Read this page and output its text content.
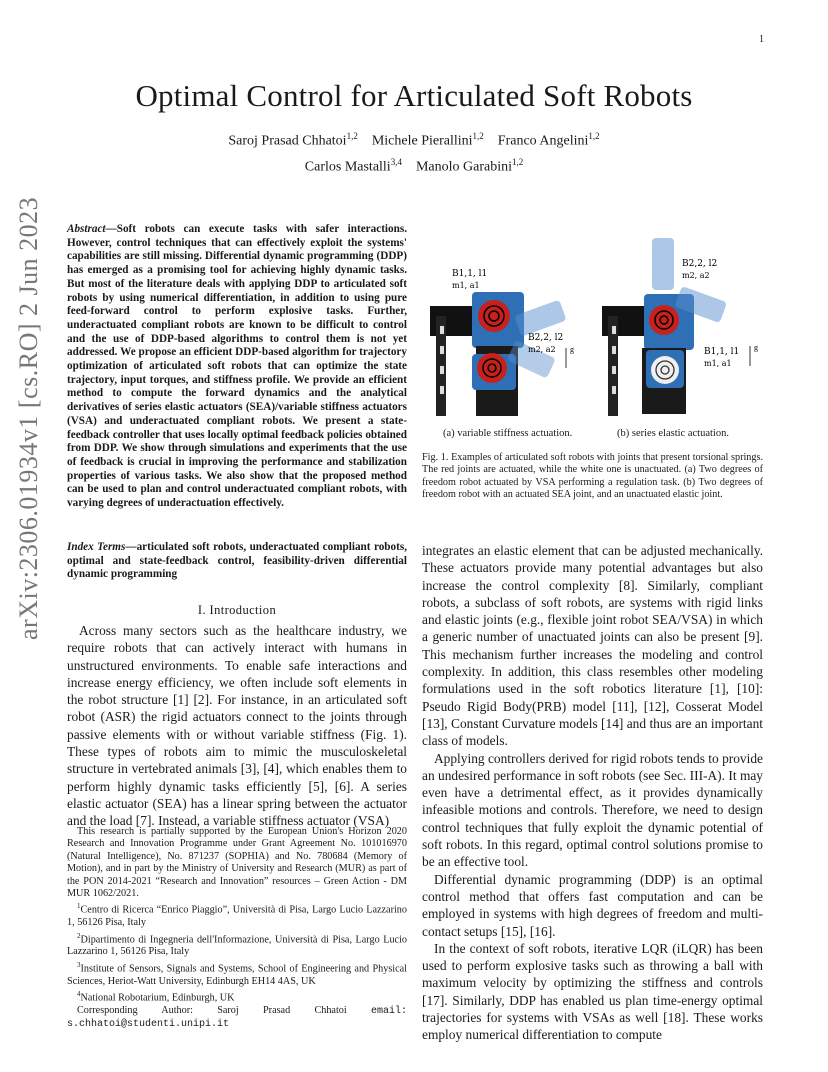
1
Optimal Control for Articulated Soft Robots
Saroj Prasad Chhatoi$^{1,2}$ Michele Pierallini$^{1,2}$ Franco Angelini$^{1,2}$
Carlos Mastalli$^{3,4}$ Manolo Garabini$^{1,2}$
arXiv:2306.01934v1 [cs.RO] 2 Jun 2023 Abstract—Soft robots can execute tasks with safer interactions. However, control techniques that can effectively exploit the systems' capabilities are still missing. Differential dynamic programming (DDP) has emerged as a promising tool for achieving highly dynamic tasks. But most of the literature deals with applying DDP to articulated soft robots by using numerical differentiation, in addition to using pure feed-forward control to perform explosive tasks. Further, underactuated compliant robots are known to be difficult to control and the use of DDP-based algorithms to control them is not yet addressed. We propose an efficient DDP-based algorithm for trajectory optimization of articulated soft robots that can optimize the state trajectory, input torques, and stiffness profile. We provide an efficient method to compute the forward dynamics and the analytical derivatives of series elastic actuators (SEA)/variable stiffness actuators (VSA) and underactuated compliant robots. We present a state-feedback controller that uses locally optimal feedback policies obtained from DDP. We show through simulations and experiments that the use of feedback is crucial in improving the performance and stabilization properties of various tasks. We also show that the proposed method can be used to plan and control underactuated compliant robots, with varying degrees of underactuation effectively.
Index Terms—articulated soft robots, underactuated compliant robots, optimal and state-feedback control, feasibility-driven differential dynamic programming
I. Introduction

Across many sectors such as the healthcare industry, we require robots that can actively interact with humans in unstructured environments. To enable safe interactions and increase energy efficiency, we often include soft elements in the robot structure [1] [2]. For instance, in an articulated soft robot (ASR) the rigid actuators connect to the joints through passive elements with or without variable stiffness (Fig. 1). These types of robots aim to mimic the musculoskeletal structure in vertebrated animals [3], [4], which enables them to perform highly dynamic tasks efficiently [5], [6]. A series elastic actuator (SEA) has a linear spring between the actuator and the load [7]. Instead, a variable stiffness actuator (VSA)

This research is partially supported by the European Union's Horizon 2020 Research and Innovation Programme under Grant Agreement No. 101016970 (Natural Intelligence), No. 871237 (SOPHIA) and No. 780684 (Memory of Motion), and in part by the Ministry of University and Research (MUR) as part of the PON 2014-2021 “Research and Innovation” resources – Green Action - DM MUR 1062/2021.

$^1$Centro di Ricerca “Enrico Piaggio”, Università di Pisa, Largo Lucio Lazzarino 1, 56126 Pisa, Italy

$^2$Dipartimento di Ingegneria dell'Informazione, Università di Pisa, Largo Lucio Lazzarino 1, 56126 Pisa, Italy

$^3$Institute of Sensors, Signals and Systems, School of Engineering and Physical Sciences, Heriot-Watt University, Edinburgh EH14 4AS, UK

$^4$National Robotarium, Edinburgh, UK

Corresponding Author: Saroj Prasad Chhatoi email: s.chhatoi@studenti.unipi.it

B1,1, l1
m1, a1
B2,2, l2
m2, a2 g
B2,2, l2
m2, a2
B1,1, l1
m1, a1
g
(a) variable stiffness actuation.	(b) series elastic actuation.
Fig. 1. Examples of articulated soft robots with joints that present torsional springs. The red joints are actuated, while the white one is unactuated. (a) Two degrees of freedom robot actuated by VSA performing a regulation task. (b) Two degrees of freedom robot with an actuated SEA joint, and an unactuated elastic joint.

integrates an elastic element that can be adjusted mechanically. These actuators provide many potential advantages but also increase the control complexity [8]. Similarly, compliant robots, a subclass of soft robots, are systems with rigid links and elastic joints (e.g., flexible joint robot SEA/VSA) in which a generic number of unactuated joints can also be present [9]. This mechanism further increases the modeling and control complexity. In addition, this class resembles other modeling formulations used in the soft robotics literature [1], [10]: Pseudo Rigid Body(PRB) model [11], [12], Cosserat Model [13], Constant Curvature models [14] and thus are an important class of models.

Applying controllers derived for rigid robots tends to provide an undesired performance in soft robots (see Sec. III-A). It may even have a detrimental effect, as it provides dynamically infeasible motions and controls. Therefore, we need to design control techniques that fully exploit the dynamic potential of soft robots. In this regard, optimal control solutions promise to be an effective tool.

Differential dynamic programming (DDP) is an optimal control method that offers fast computation and can be employed in systems with high degrees of freedom and multi-contact setups [15], [16].

In the context of soft robots, iterative LQR (iLQR) has been used to perform explosive tasks such as throwing a ball with maximum velocity by optimizing the stiffness and controls [17]. Similarly, DDP has enabled us plan time-energy optimal trajectories for systems with VSAs as well [18]. These works employ numerical differentiation to compute
